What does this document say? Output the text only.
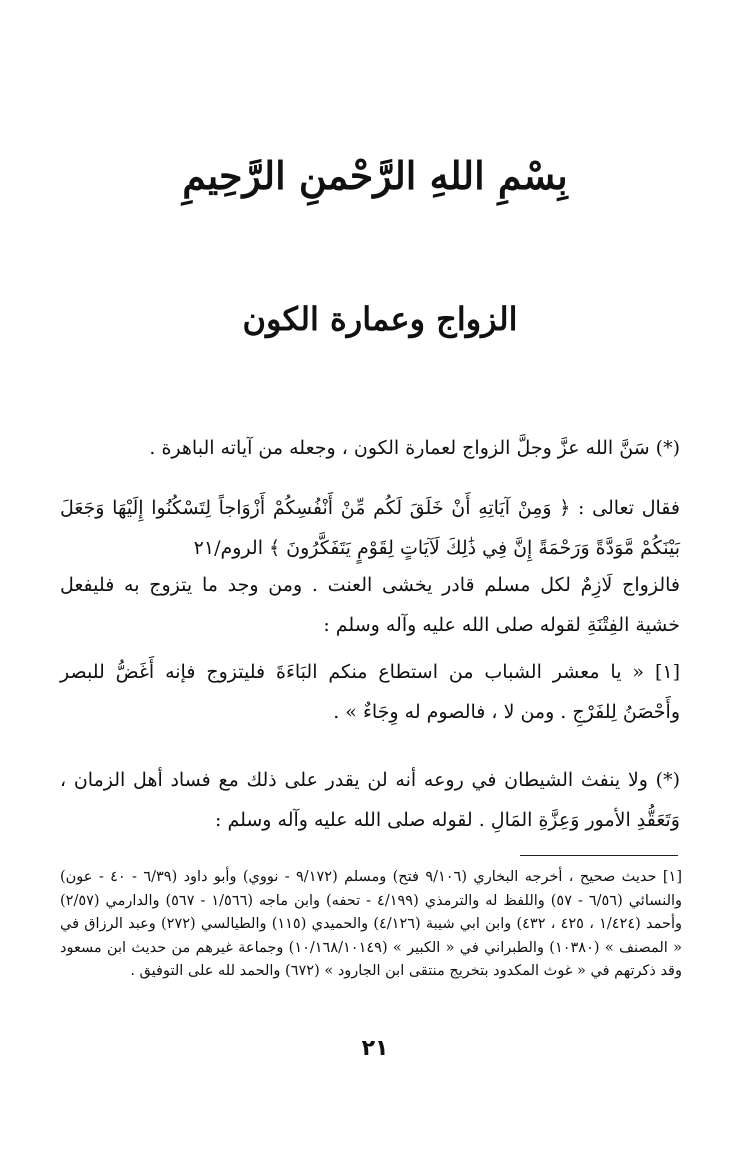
بِسْمِ اللهِ الرَّحْمنِ الرَّحِيمِ
الزواج وعمارة الكون

(*) سَنَّ الله عزَّ وجلَّ الزواج لعمارة الكون ، وجعله من آياته الباهرة .

فقال تعالى : ﴿ وَمِنْ آيَاتِهِ أَنْ خَلَقَ لَكُم مِّنْ أَنْفُسِكُمْ أَزْوَاجاً لِتَسْكُنُوا إِلَيْهَا وَجَعَلَ بَيْنَكُمْ مَّوَدَّةً وَرَحْمَةً إِنَّ فِي ذَٰلِكَ لَآيَاتٍ لِقَوْمٍ يَتَفَكَّرُونَ ﴾ الروم/٢١

فالزواج لَازِمٌ لكل مسلم قادر يخشى العنت . ومن وجد ما يتزوج به فليفعل خشية الفِتْنَةِ لقوله صلى الله عليه وآله وسلم :

[١] « يا معشر الشباب من استطاع منكم البَاءَةَ فليتزوج فإنه أَغَضُّ للبصر وأَحْصَنُ لِلفَرْجِ . ومن لا ، فالصوم له وِجَاءٌ » .

(*) ولا ينفث الشيطان في روعه أنه لن يقدر على ذلك مع فساد أهل الزمان ، وَتَعَقُّدِ الأمور وَعِزَّةِ المَالِ . لقوله صلى الله عليه وآله وسلم :

[١] حديث صحيح ، أخرجه البخاري (٩/١٠٦ فتح) ومسلم (٩/١٧٢ - نووي) وأبو داود (٦/٣٩ - ٤٠ - عون) والنسائي (٦/٥٦ - ٥٧) واللفظ له والترمذي (٤/١٩٩ - تحفه) وابن ماجه (١/٥٦٦ - ٥٦٧) والدارمي (٢/٥٧) وأحمد (١/٤٢٤ ، ٤٢٥ ، ٤٣٢) وابن ابي شيبة (٤/١٢٦) والحميدي (١١٥) والطيالسي (٢٧٢) وعبد الرزاق في « المصنف » (١٠٣٨٠) والطبراني في « الكبير » (١٠/١٦٨/١٠١٤٩) وجماعة غيرهم من حديث ابن مسعود وقد ذكرتهم في « غوث المكدود بتخريج منتقى ابن الجارود » (٦٧٢) والحمد لله على التوفيق .

٢١
